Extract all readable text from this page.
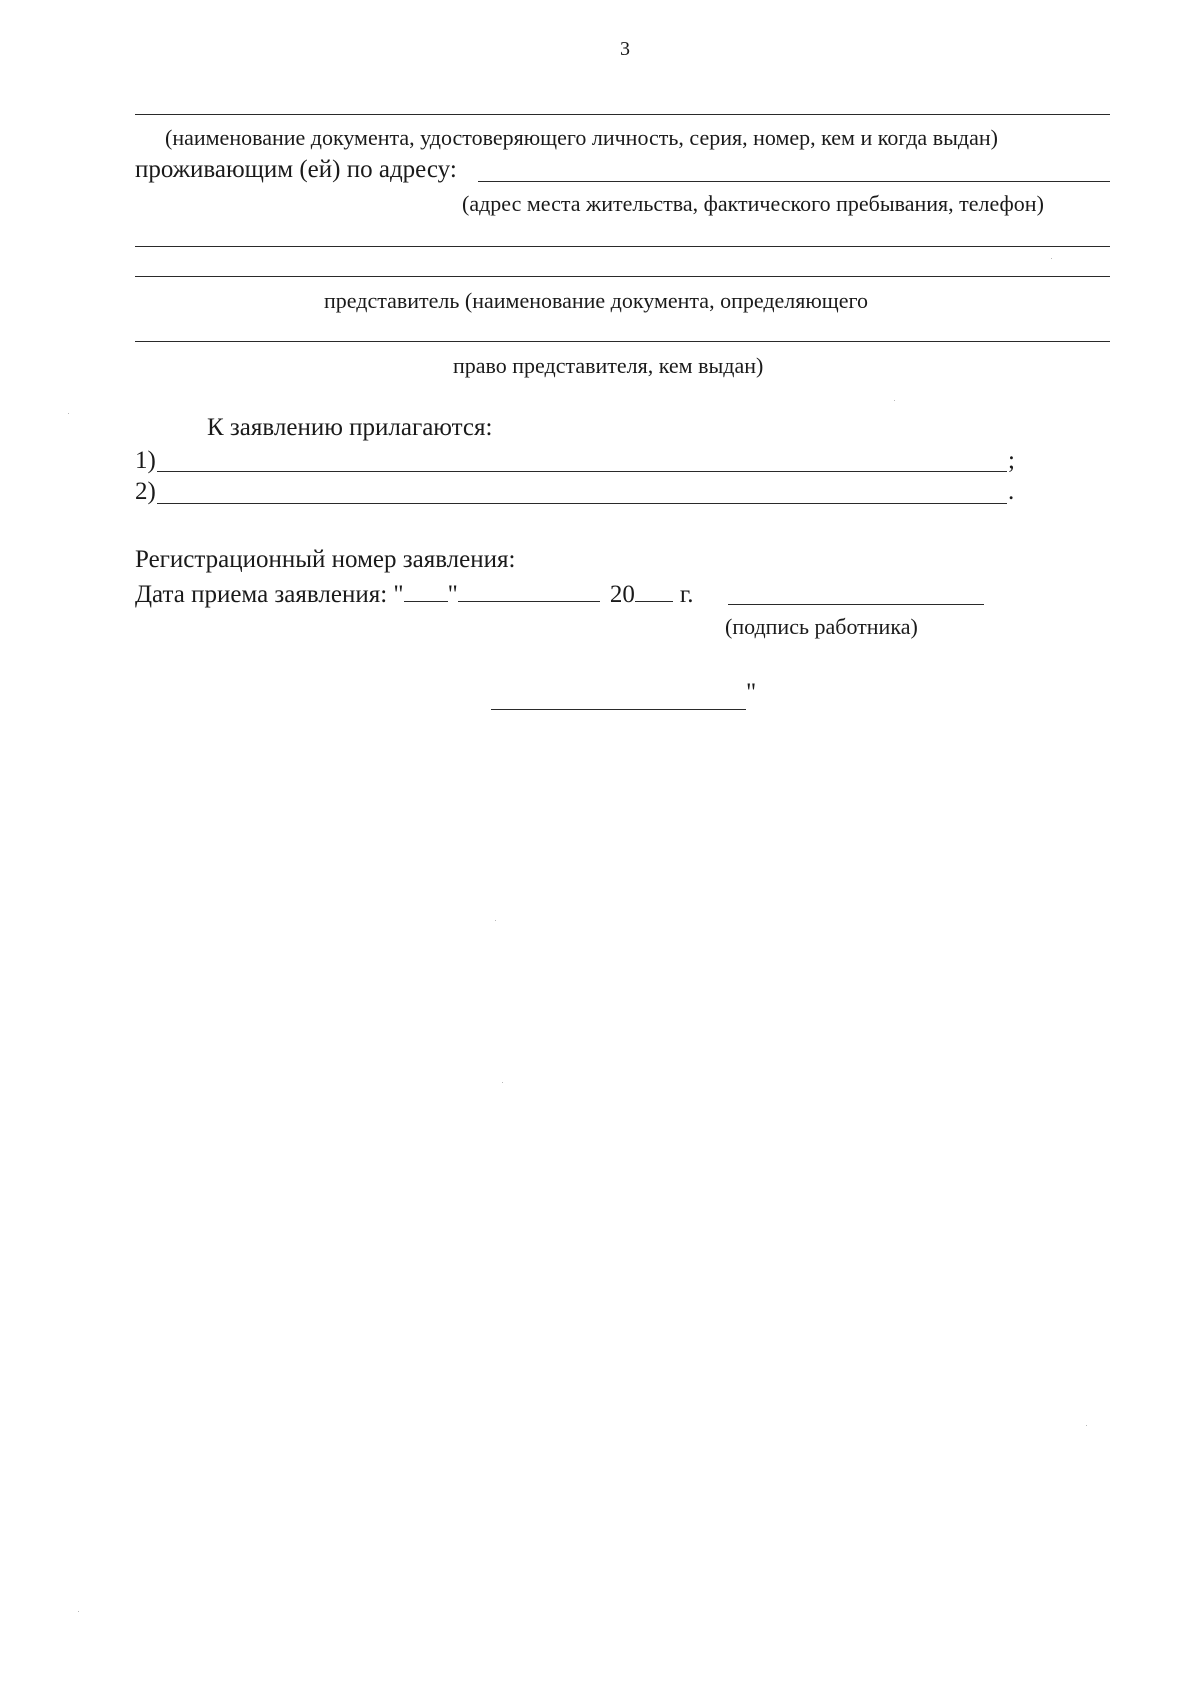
3
(наименование документа, удостоверяющего личность, серия, номер, кем и когда выдан)
проживающим (ей) по адресу:
(адрес места жительства, фактического пребывания, телефон)
представитель (наименование документа, определяющего
право представителя, кем выдан)
К заявлению прилагаются:
1)	;
2)	.
Регистрационный номер заявления:
Дата приема заявления: " "	20 г.
(подпись работника)
"
